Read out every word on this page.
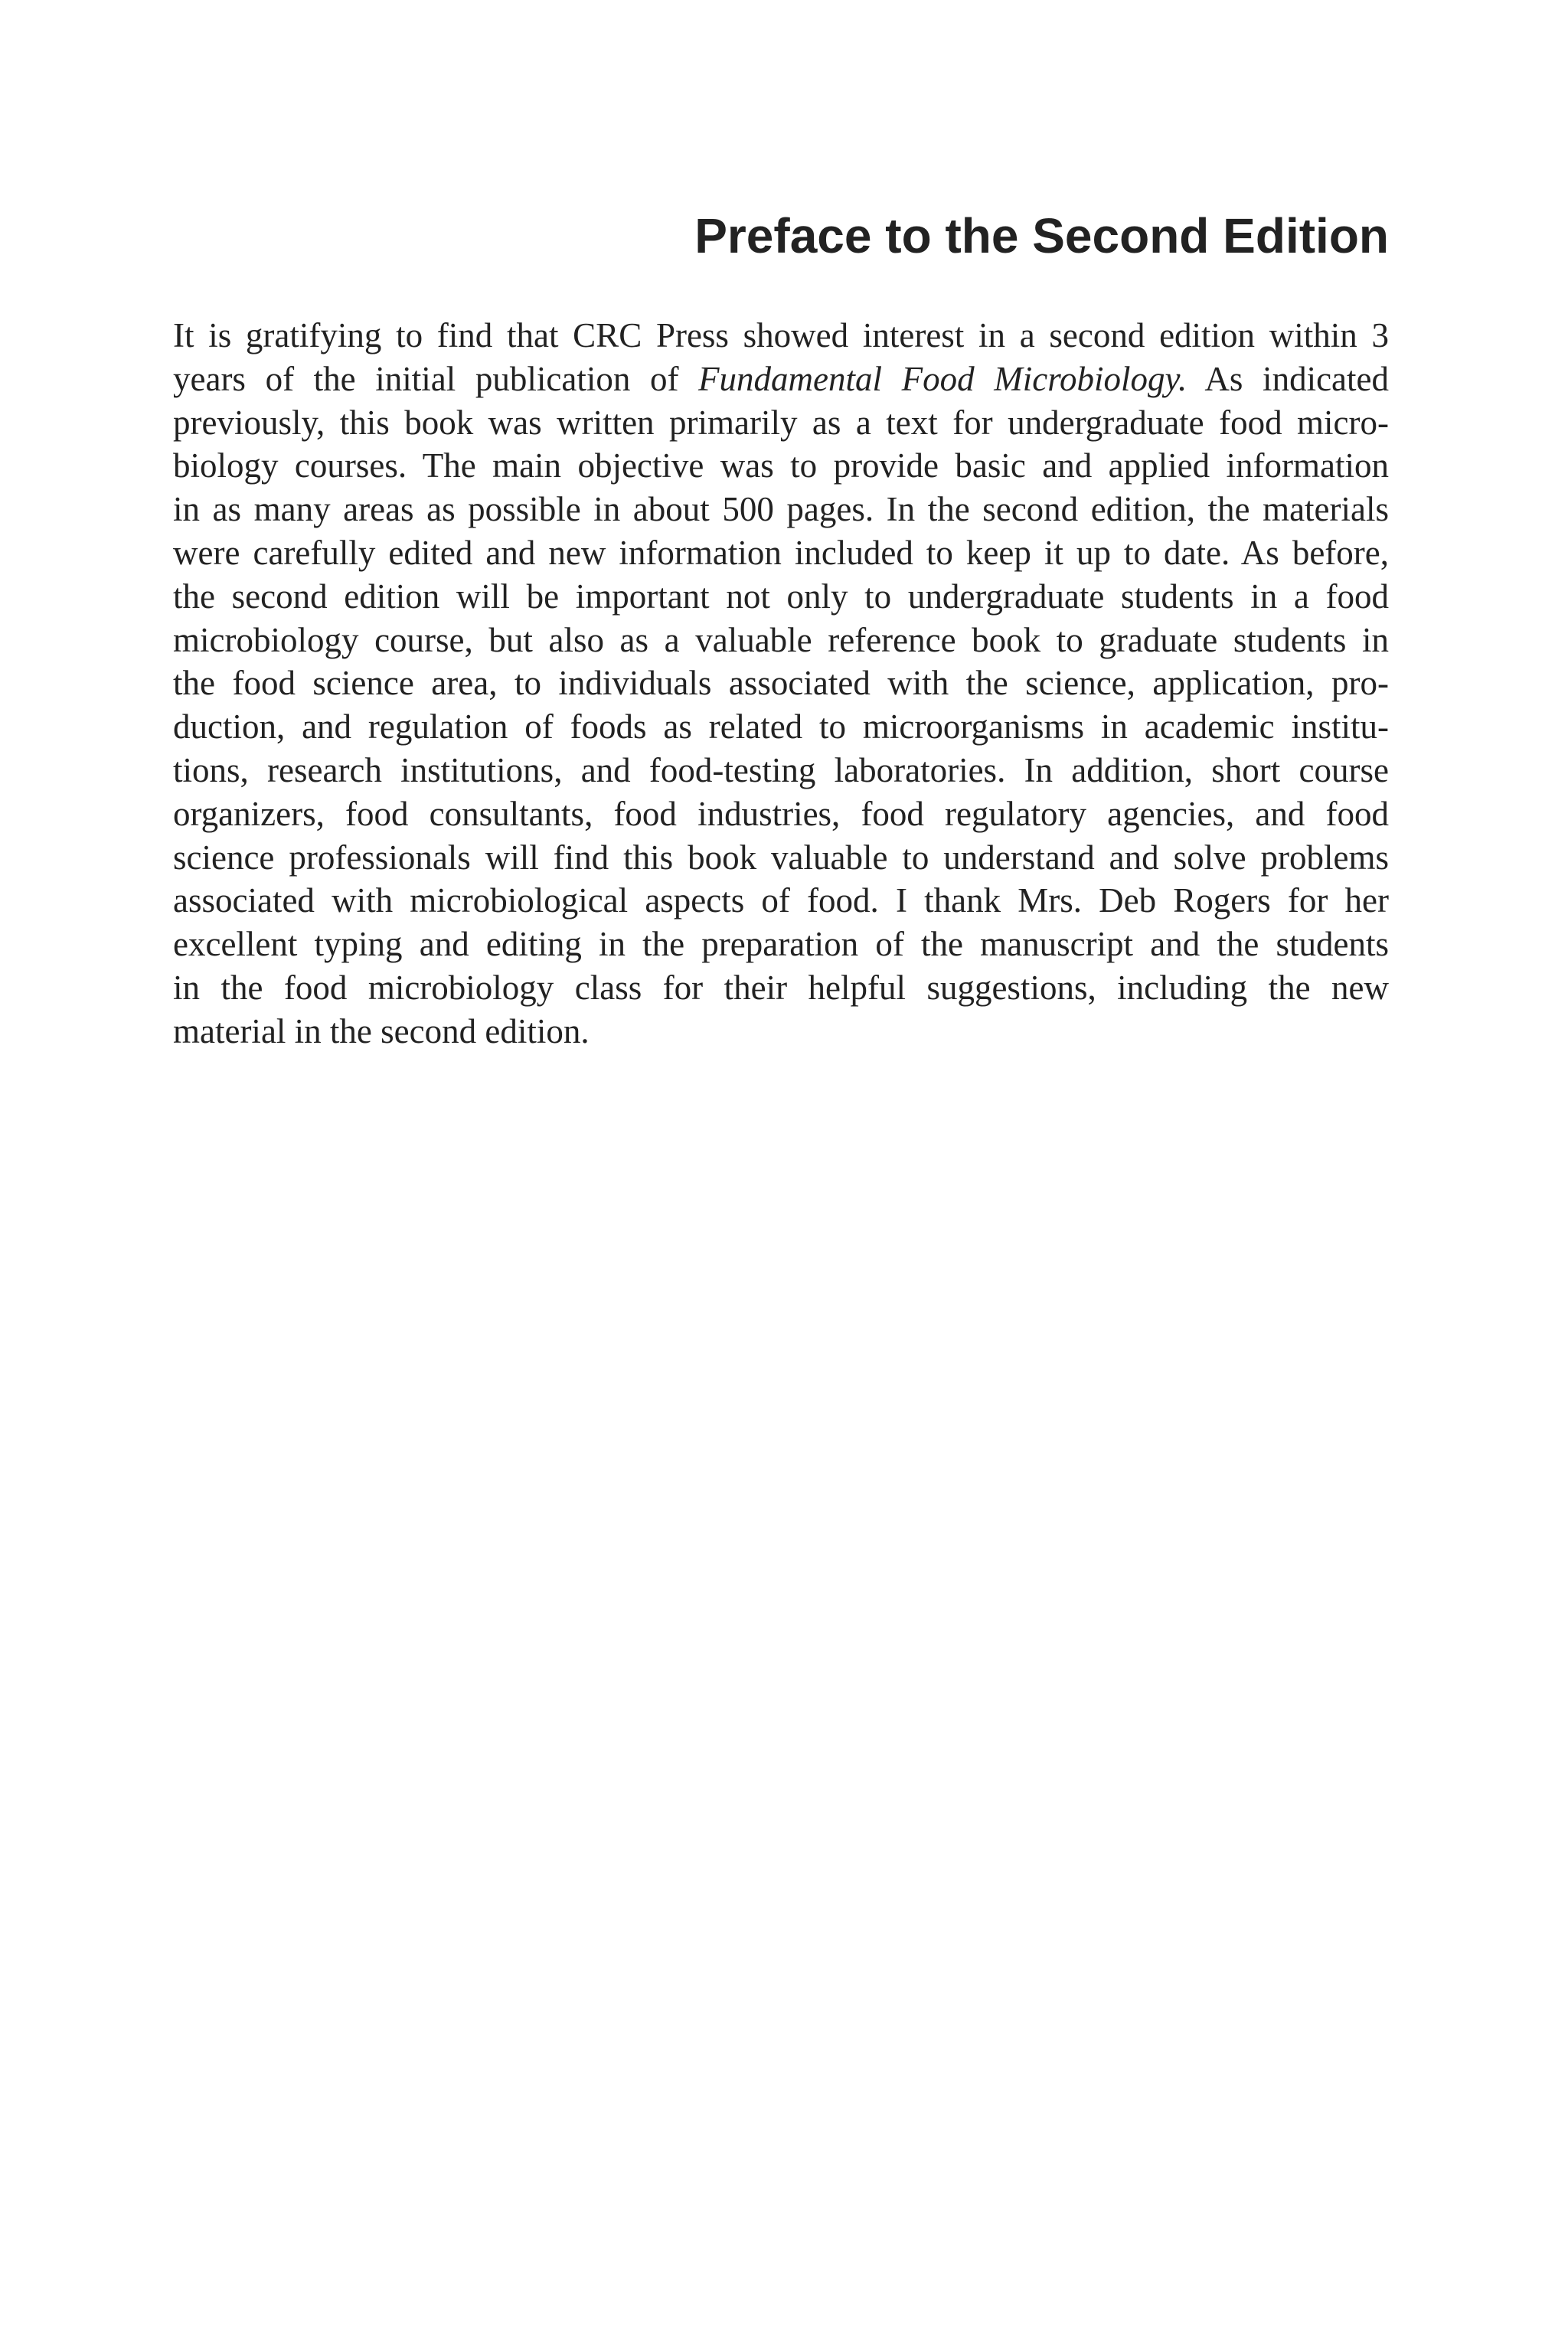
Preface to the Second Edition
It is gratifying to find that CRC Press showed interest in a second edition within 3
years of the initial publication of Fundamental Food Microbiology. As indicated
previously, this book was written primarily as a text for undergraduate food micro-
biology courses. The main objective was to provide basic and applied information
in as many areas as possible in about 500 pages. In the second edition, the materials
were carefully edited and new information included to keep it up to date. As before,
the second edition will be important not only to undergraduate students in a food
microbiology course, but also as a valuable reference book to graduate students in
the food science area, to individuals associated with the science, application, pro-
duction, and regulation of foods as related to microorganisms in academic institu-
tions, research institutions, and food-testing laboratories. In addition, short course
organizers, food consultants, food industries, food regulatory agencies, and food
science professionals will find this book valuable to understand and solve problems
associated with microbiological aspects of food. I thank Mrs. Deb Rogers for her
excellent typing and editing in the preparation of the manuscript and the students
in the food microbiology class for their helpful suggestions, including the new
material in the second edition.
